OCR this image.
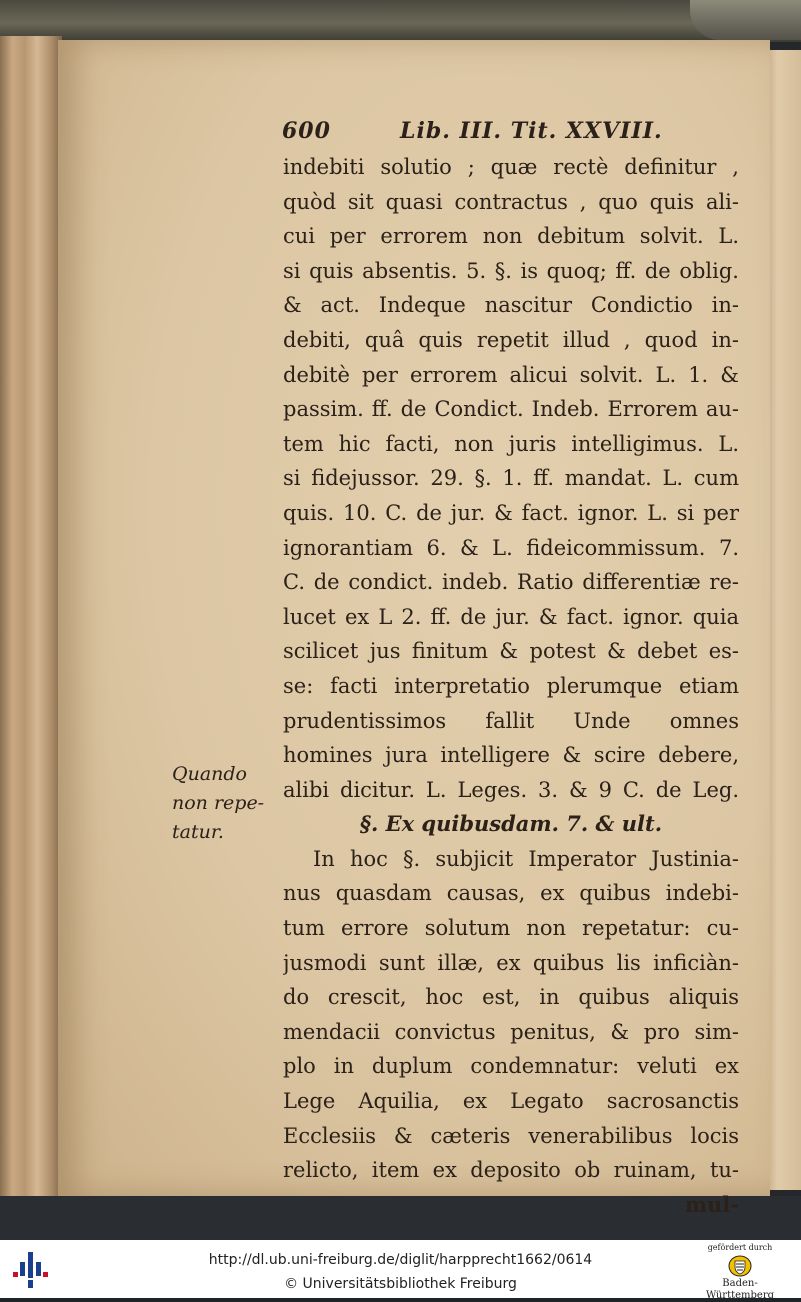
600	Lib. III. Tit. XXVIII.
indebiti solutio ; quæ rectè definitur ,
quòd sit quasi contractus , quo quis ali-
cui per errorem non debitum solvit. L.
si quis absentis. 5. §. is quoq; ff. de oblig.
& act. Indeque nascitur Condictio in-
debiti, quâ quis repetit illud , quod in-
debitè per errorem alicui solvit. L. 1. &
passim. ff. de Condict. Indeb. Errorem au-
tem hic facti, non juris intelligimus. L.
si fidejussor. 29. §. 1. ff. mandat. L. cum
quis. 10. C. de jur. & fact. ignor. L. si per
ignorantiam 6. & L. fideicommissum. 7.
C. de condict. indeb. Ratio differentiæ re-
lucet ex L 2. ff. de jur. & fact. ignor. quia
scilicet jus finitum & potest & debet es-
se: facti interpretatio plerumque etiam
prudentissimos fallit Unde omnes
homines jura intelligere & scire debere,
alibi dicitur. L. Leges. 3. & 9 C. de Leg.
§. Ex quibusdam. 7. & ult.
In hoc §. subjicit Imperator Justinia-
nus quasdam causas, ex quibus indebi-
tum errore solutum non repetatur: cu-
jusmodi sunt illæ, ex quibus lis inficiàn-
do crescit, hoc est, in quibus aliquis
mendacii convictus penitus, & pro sim-
plo in duplum condemnatur: veluti ex
Lege Aquilia, ex Legato sacrosanctis
Ecclesiis & cæteris venerabilibus locis
relicto, item ex deposito ob ruinam, tu-
mul-
Quando
non repe-
tatur.
http://dl.ub.uni-freiburg.de/diglit/harpprecht1662/0614
© Universitätsbibliothek Freiburg
gefördert durch
Baden-Württemberg
